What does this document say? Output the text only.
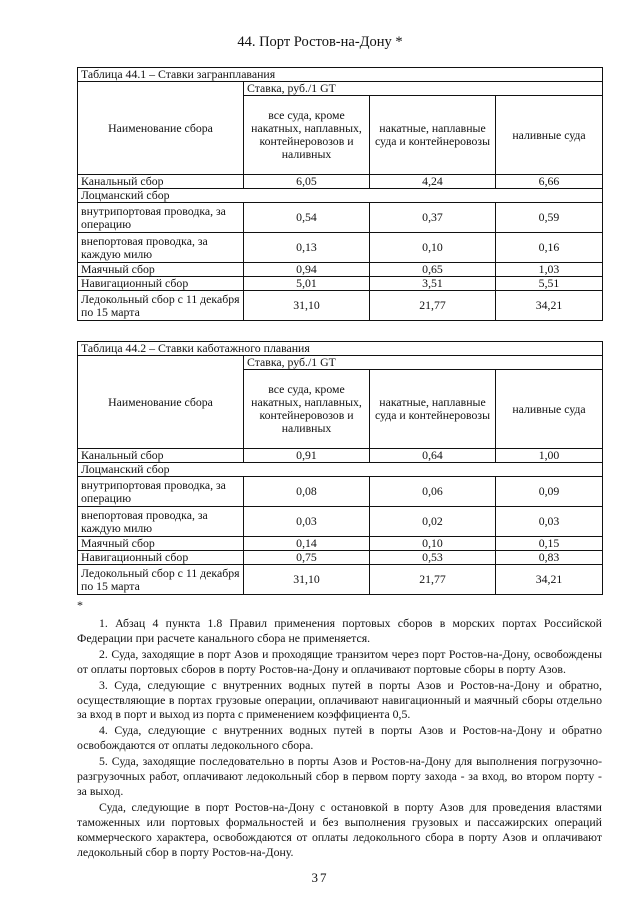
44. Порт Ростов-на-Дону *
Таблица 44.1 – Ставки загранплавания			
Наименование сбора	Ставка, руб./1 GT		
	все суда, кроме накатных, наплавных, контейнеровозов и наливных	накатные, наплавные суда и контейнеровозы	наливные суда
Канальный сбор	6,05	4,24	6,66
Лоцманский сбор			
внутрипортовая проводка, за операцию	0,54	0,37	0,59
внепортовая проводка, за каждую милю	0,13	0,10	0,16
Маячный сбор	0,94	0,65	1,03
Навигационный сбор	5,01	3,51	5,51
Ледокольный сбор с 11 декабря по 15 марта	31,10	21,77	34,21
Таблица 44.2 – Ставки каботажного плавания			
Наименование сбора	Ставка, руб./1 GT		
	все суда, кроме накатных, наплавных, контейнеровозов и наливных	накатные, наплавные суда и контейнеровозы	наливные суда
Канальный сбор	0,91	0,64	1,00
Лоцманский сбор			
внутрипортовая проводка, за операцию	0,08	0,06	0,09
внепортовая проводка, за каждую милю	0,03	0,02	0,03
Маячный сбор	0,14	0,10	0,15
Навигационный сбор	0,75	0,53	0,83
Ледокольный сбор с 11 декабря по 15 марта	31,10	21,77	34,21
*

1. Абзац 4 пункта 1.8 Правил применения портовых сборов в морских портах Российской Федерации при расчете канального сбора не применяется.

2. Суда, заходящие в порт Азов и проходящие транзитом через порт Ростов-на-Дону, освобождены от оплаты портовых сборов в порту Ростов-на-Дону и оплачивают портовые сборы в порту Азов.

3. Суда, следующие с внутренних водных путей в порты Азов и Ростов-на-Дону и обратно, осуществляющие в портах грузовые операции, оплачивают навигационный и маячный сборы отдельно за вход в порт и выход из порта с применением коэффициента 0,5.

4. Суда, следующие с внутренних водных путей в порты Азов и Ростов-на-Дону и обратно освобождаются от оплаты ледокольного сбора.

5. Суда, заходящие последовательно в порты Азов и Ростов-на-Дону для выполнения погрузочно-разгрузочных работ, оплачивают ледокольный сбор в первом порту захода - за вход, во втором порту - за выход.

Суда, следующие в порт Ростов-на-Дону с остановкой в порту Азов для проведения властями таможенных или портовых формальностей и без выполнения грузовых и пассажирских операций коммерческого характера, освобождаются от оплаты ледокольного сбора в порту Азов и оплачивают ледокольный сбор в порту Ростов-на-Дону.

37
